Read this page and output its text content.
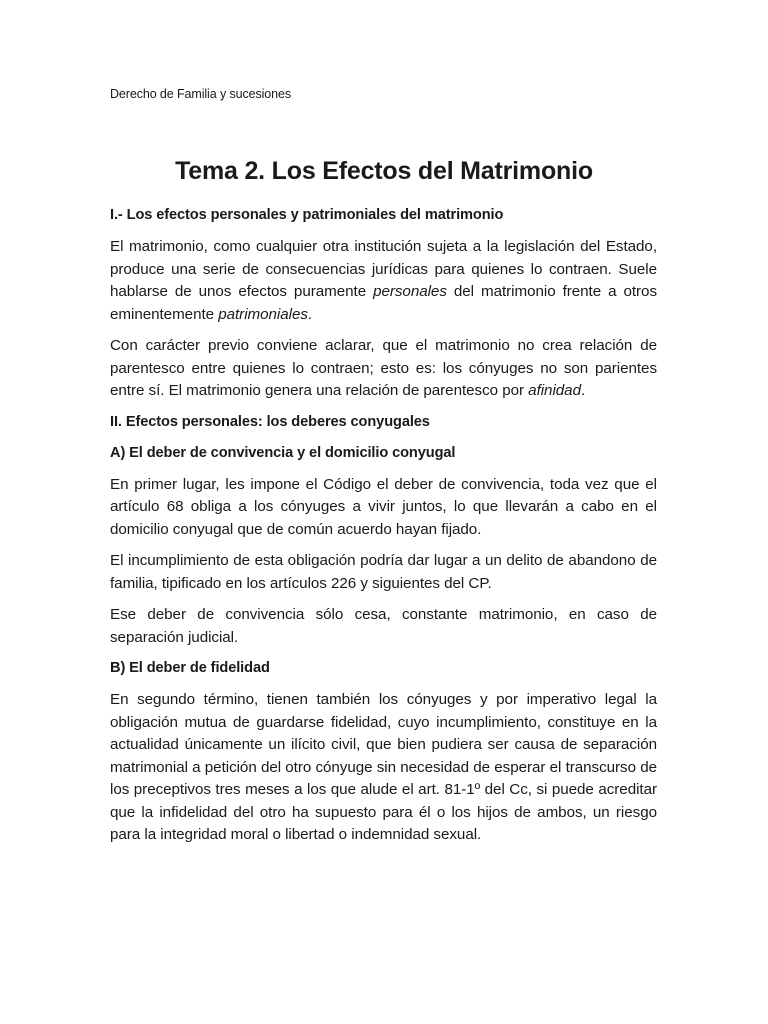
Derecho de Familia y sucesiones
Tema 2. Los Efectos del Matrimonio
I.- Los efectos personales y patrimoniales del matrimonio

El matrimonio, como cualquier otra institución sujeta a la legislación del Estado, produce una serie de consecuencias jurídicas para quienes lo contraen. Suele hablarse de unos efectos puramente personales del matrimonio frente a otros eminentemente patrimoniales.

Con carácter previo conviene aclarar, que el matrimonio no crea relación de parentesco entre quienes lo contraen; esto es: los cónyuges no son parientes entre sí. El matrimonio genera una relación de parentesco por afinidad.

II. Efectos personales: los deberes conyugales
A) El deber de convivencia y el domicilio conyugal

En primer lugar, les impone el Código el deber de convivencia, toda vez que el artículo 68 obliga a los cónyuges a vivir juntos, lo que llevarán a cabo en el domicilio conyugal que de común acuerdo hayan fijado.

El incumplimiento de esta obligación podría dar lugar a un delito de abandono de familia, tipificado en los artículos 226 y siguientes del CP.

Ese deber de convivencia sólo cesa, constante matrimonio, en caso de separación judicial.

B) El deber de fidelidad

En segundo término, tienen también los cónyuges y por imperativo legal la obligación mutua de guardarse fidelidad, cuyo incumplimiento, constituye en la actualidad únicamente un ilícito civil, que bien pudiera ser causa de separación matrimonial a petición del otro cónyuge sin necesidad de esperar el transcurso de los preceptivos tres meses a los que alude el art. 81-1º del Cc, si puede acreditar que la infidelidad del otro ha supuesto para él o los hijos de ambos, un riesgo para la integridad moral o libertad o indemnidad sexual.
